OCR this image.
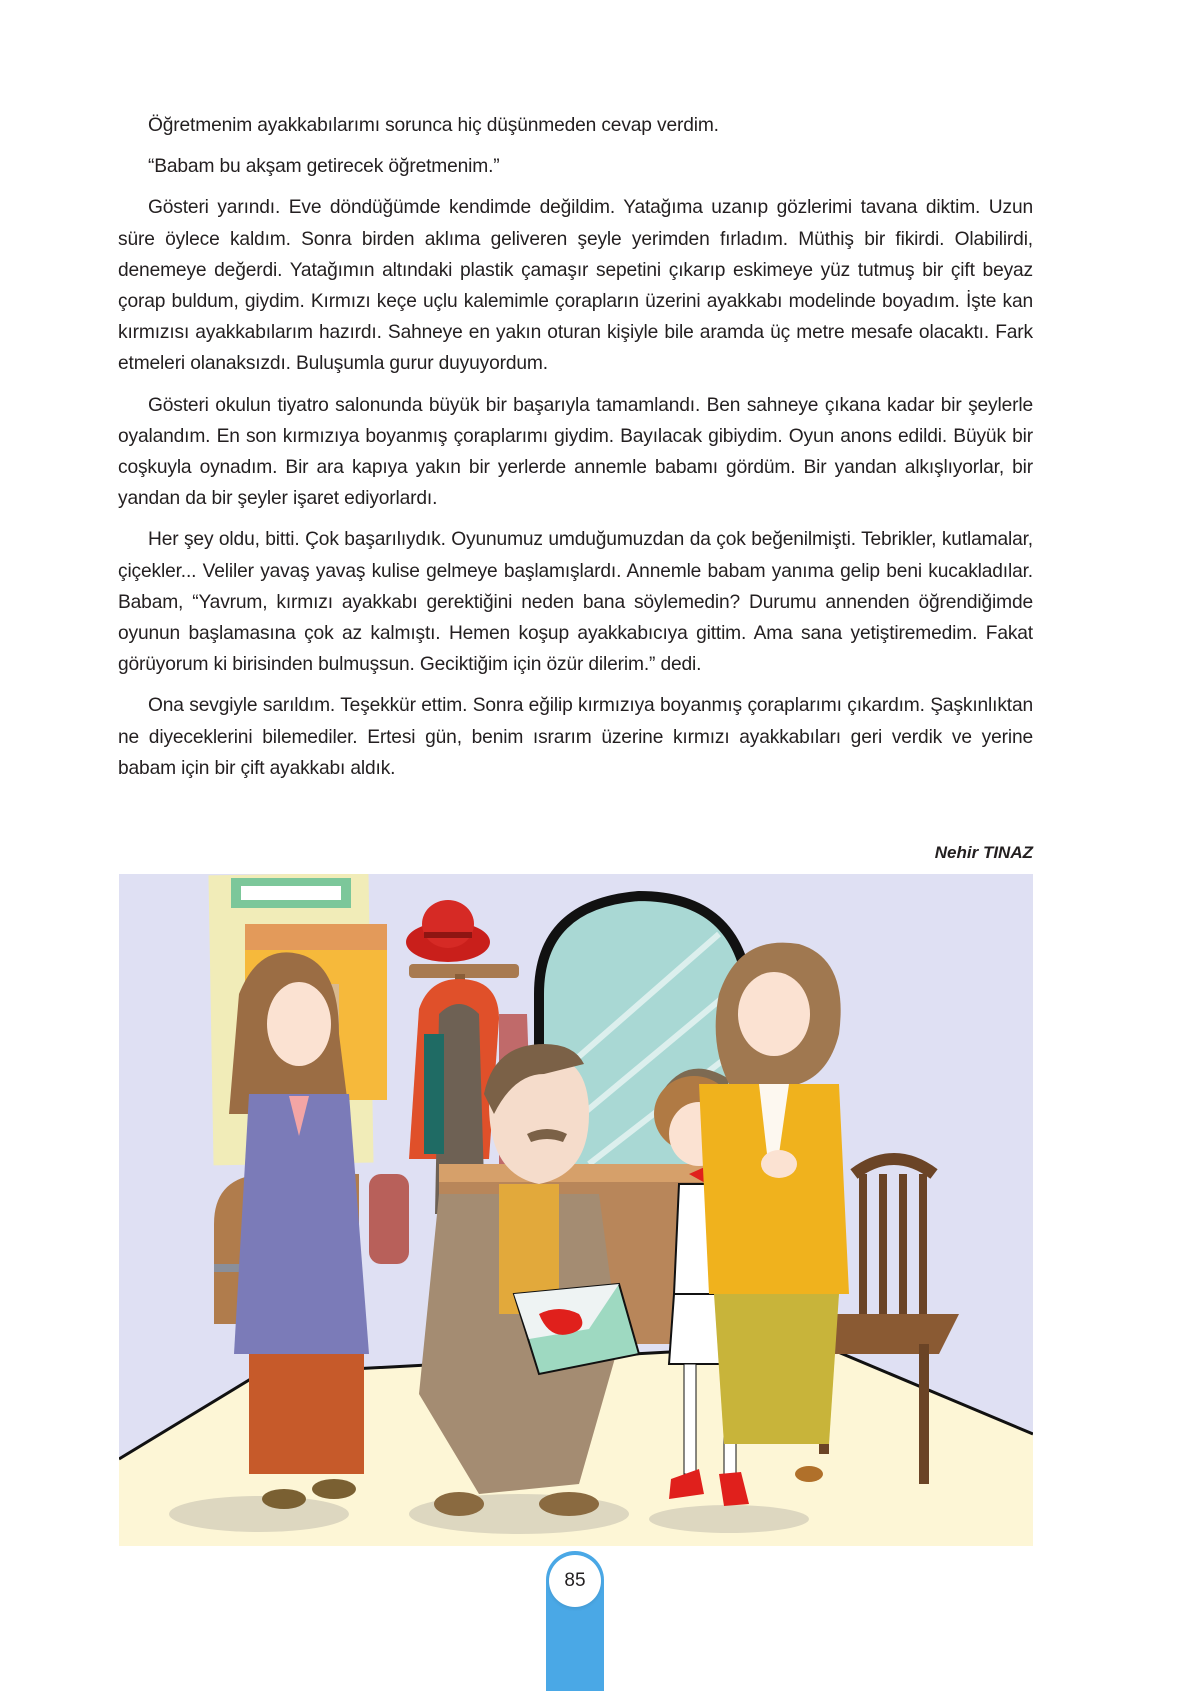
Öğretmenim ayakkabılarımı sorunca hiç düşünmeden cevap verdim.

“Babam bu akşam getirecek öğretmenim.”

Gösteri yarındı. Eve döndüğümde kendimde değildim. Yatağıma uzanıp gözlerimi tavana diktim. Uzun süre öylece kaldım. Sonra birden aklıma geliveren şeyle yerimden fırladım. Müthiş bir fikirdi. Olabilirdi, denemeye değerdi. Yatağımın altındaki plastik çamaşır sepetini çıkarıp eskimeye yüz tutmuş bir çift beyaz çorap buldum, giydim. Kırmızı keçe uçlu kalemimle çorapların üzerini ayakkabı modelinde boyadım. İşte kan kırmızısı ayakkabılarım hazırdı. Sahneye en yakın oturan kişiyle bile aramda üç metre mesafe olacaktı. Fark etmeleri olanaksızdı. Buluşumla gurur duyuyordum.

Gösteri okulun tiyatro salonunda büyük bir başarıyla tamamlandı. Ben sahneye çıkana kadar bir şeylerle oyalandım. En son kırmızıya boyanmış çoraplarımı giydim. Bayılacak gibiydim. Oyun anons edildi. Büyük bir coşkuyla oynadım. Bir ara kapıya yakın bir yerlerde annemle babamı gördüm. Bir yandan alkışlıyorlar, bir yandan da bir şeyler işaret ediyorlardı.

Her şey oldu, bitti. Çok başarılıydık. Oyunumuz umduğumuzdan da çok beğenilmişti. Tebrikler, kutlamalar, çiçekler... Veliler yavaş yavaş kulise gelmeye başlamışlardı. Annemle babam yanıma gelip beni kucakladılar. Babam, “Yavrum, kırmızı ayakkabı gerektiğini neden bana söylemedin? Durumu annenden öğrendiğimde oyunun başlamasına çok az kalmıştı. Hemen koşup ayakkabıcıya gittim. Ama sana yetiştiremedim. Fakat görüyorum ki birisinden bulmuşsun. Geciktiğim için özür dilerim.” dedi.

Ona sevgiyle sarıldım. Teşekkür ettim. Sonra eğilip kırmızıya boyanmış çoraplarımı çıkardım. Şaşkınlıktan ne diyeceklerini bilemediler. Ertesi gün, benim ısrarım üzerine kırmızı ayakkabıları geri verdik ve yerine babam için bir çift ayakkabı aldık.

Nehir TINAZ
85
